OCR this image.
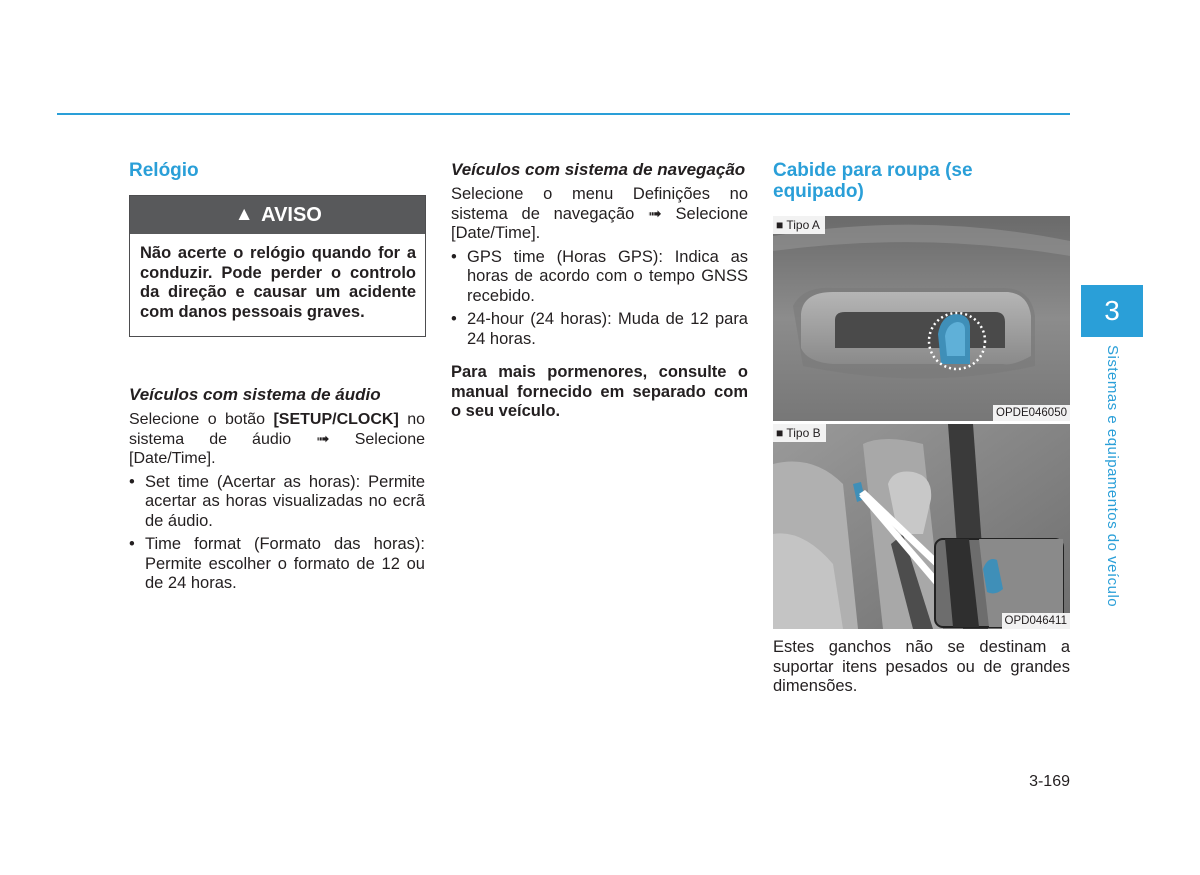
Relógio
▲ AVISO
Não acerte o relógio quando for a conduzir. Pode perder o controlo da direção e causar um acidente com danos pessoais graves.
Veículos com sistema de áudio

Selecione o botão [SETUP/CLOCK] no sistema de áudio ➟ Selecione [Date/Time].

• Set time (Acertar as horas): Permite acertar as horas visualizadas no ecrã de áudio.
• Time format (Formato das horas): Permite escolher o formato de 12 ou de 24 horas.
Veículos com sistema de navegação

Selecione o menu Definições no sistema de navegação ➟ Selecione [Date/Time].

• GPS time (Horas GPS): Indica as horas de acordo com o tempo GNSS recebido.
• 24-hour (24 horas): Muda de 12 para 24 horas.

Para mais pormenores, consulte o manual fornecido em separado com o seu veículo.

Cabide para roupa (se equipado)
■ Tipo A
OPDE046050
■ Tipo B
OPD046411

Estes ganchos não se destinam a suportar itens pesados ou de grandes dimensões.

3
Sistemas e equipamentos do veículo
3-169
